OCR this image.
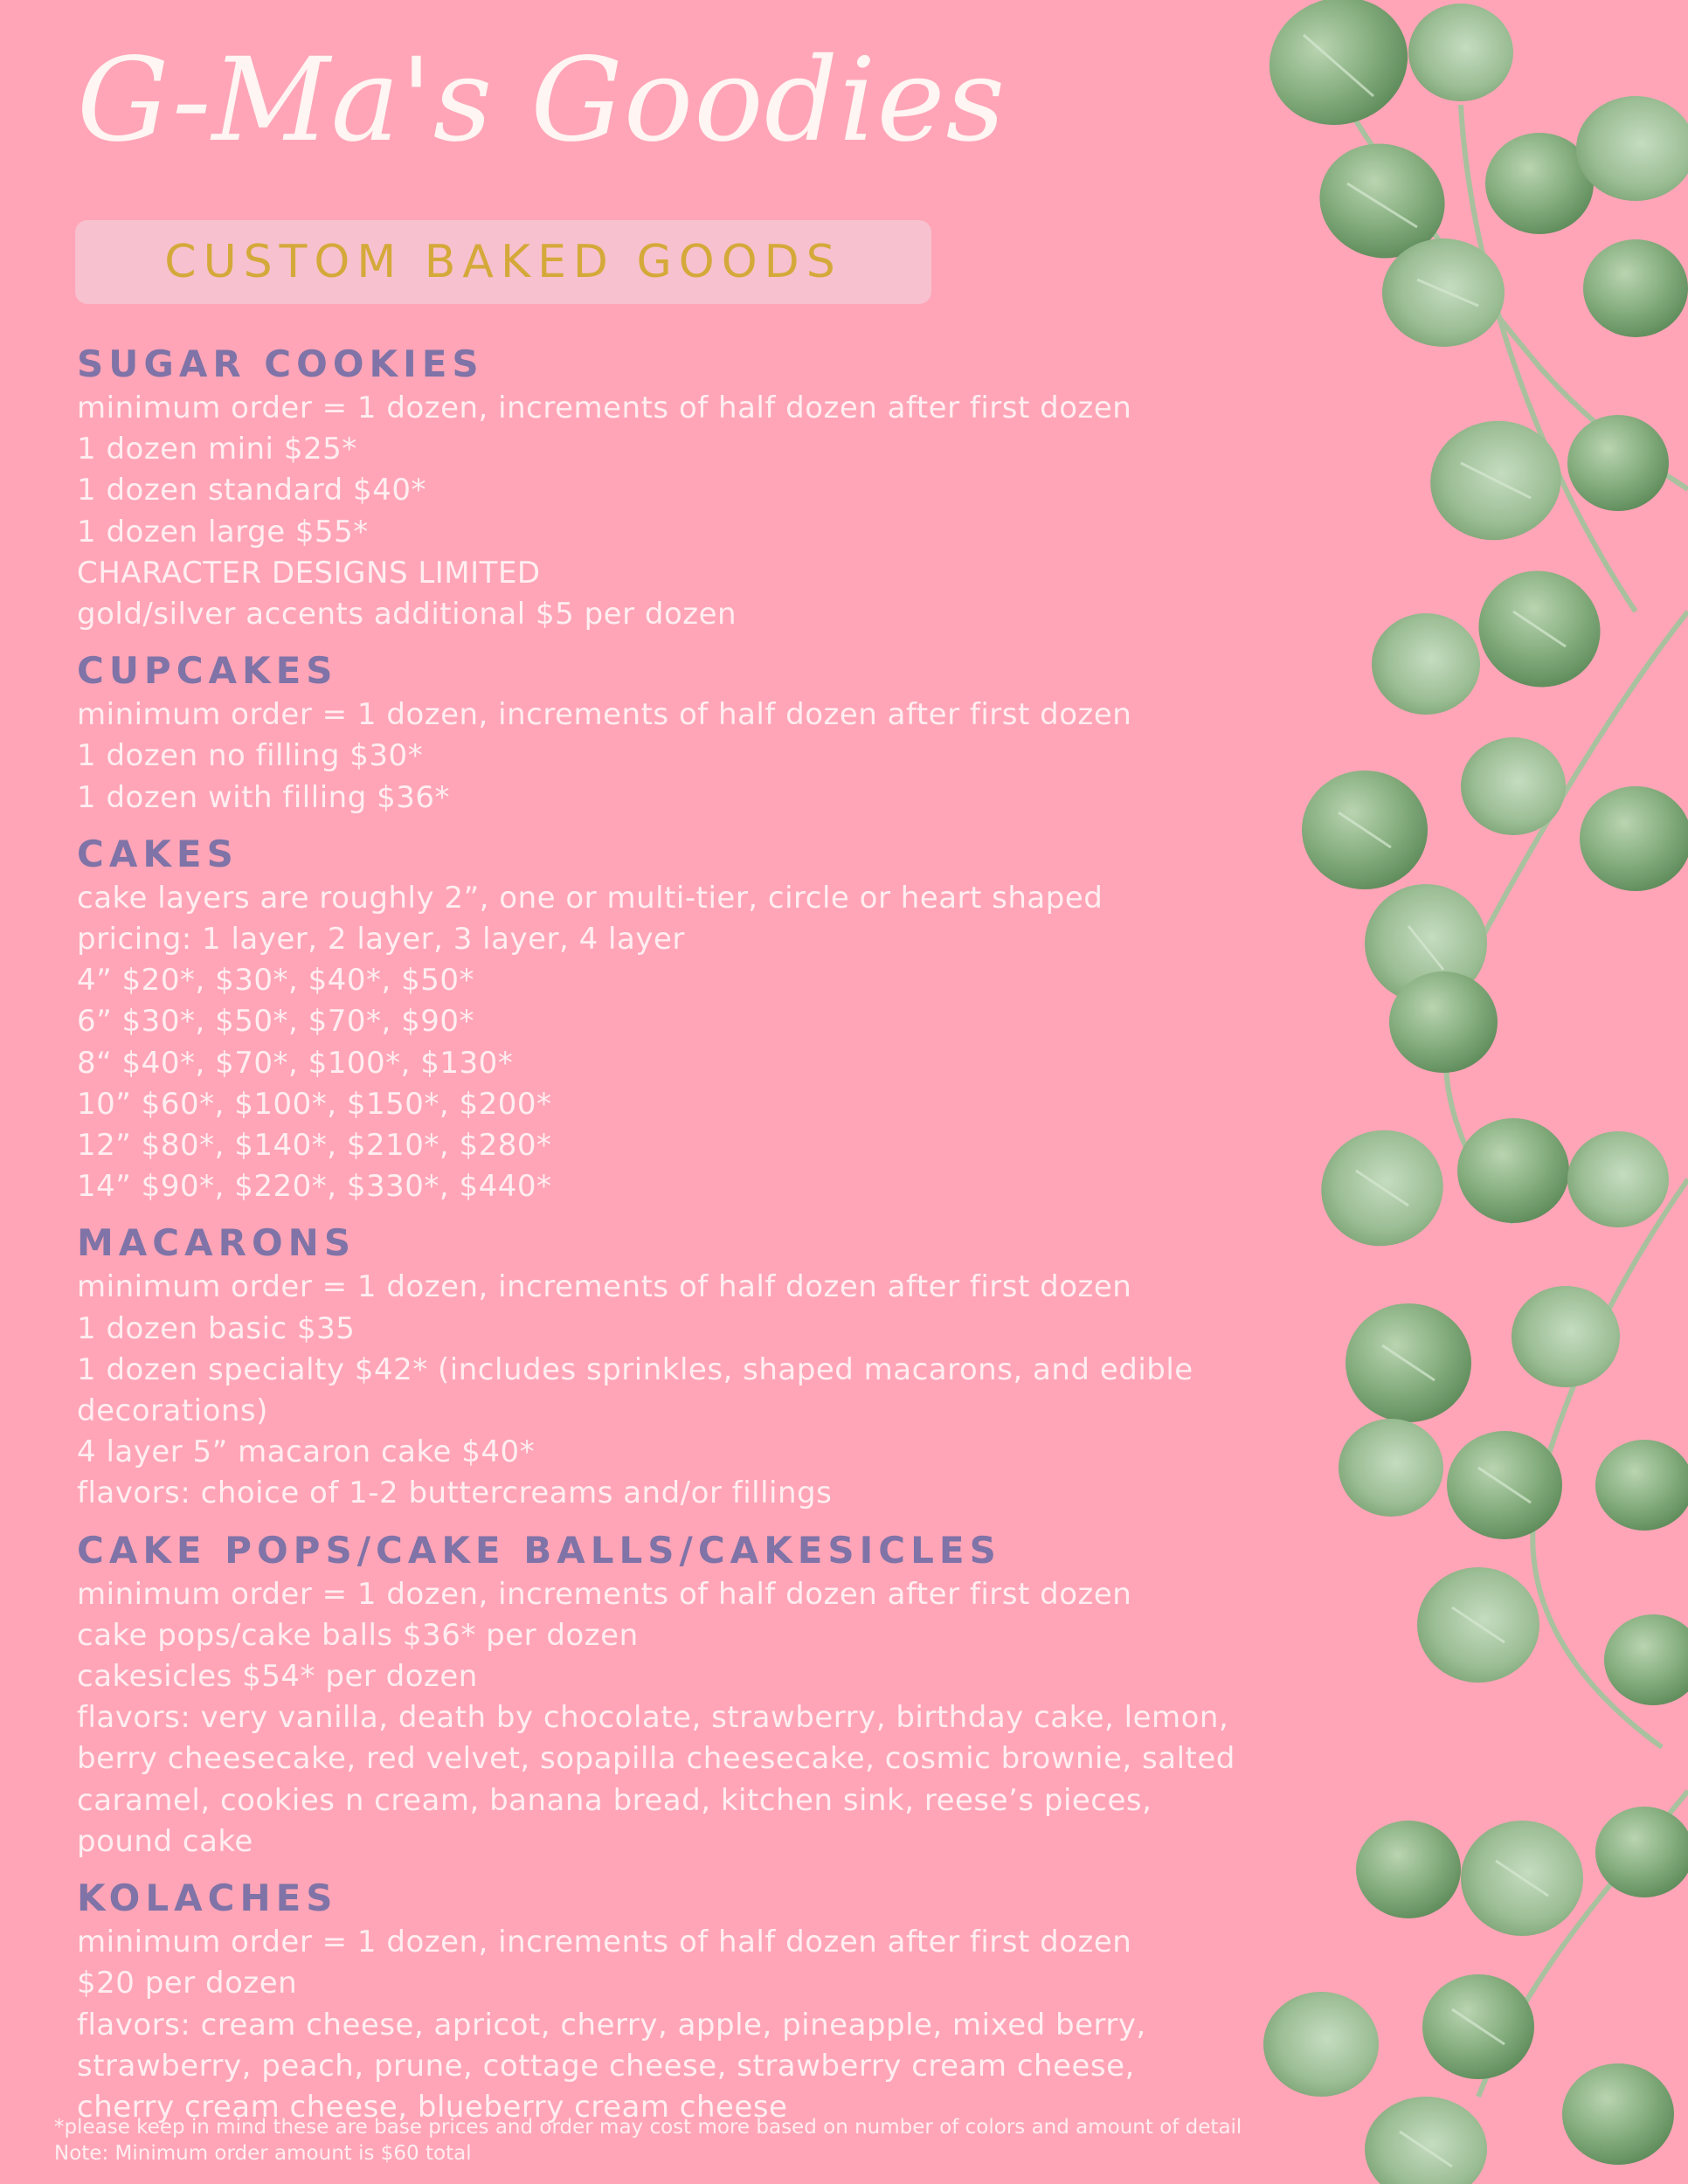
G-Ma's Goodies
CUSTOM BAKED GOODS
SUGAR COOKIES
minimum order = 1 dozen, increments of half dozen after first dozen
1 dozen mini $25*
1 dozen standard $40*
1 dozen large $55*
CHARACTER DESIGNS LIMITED
gold/silver accents additional $5 per dozen
CUPCAKES
minimum order = 1 dozen, increments of half dozen after first dozen
1 dozen no filling $30*
1 dozen with filling $36*
CAKES
cake layers are roughly 2”, one or multi-tier, circle or heart shaped
pricing: 1 layer, 2 layer, 3 layer, 4 layer
4” $20*, $30*, $40*, $50*
6” $30*, $50*, $70*, $90*
8“ $40*, $70*, $100*, $130*
10” $60*, $100*, $150*, $200*
12” $80*, $140*, $210*, $280*
14” $90*, $220*, $330*, $440*
MACARONS
minimum order = 1 dozen, increments of half dozen after first dozen
1 dozen basic $35
1 dozen specialty $42* (includes sprinkles, shaped macarons, and edible
decorations)
4 layer 5” macaron cake $40*
flavors: choice of 1-2 buttercreams and/or fillings
CAKE POPS/CAKE BALLS/CAKESICLES
minimum order = 1 dozen, increments of half dozen after first dozen
cake pops/cake balls $36* per dozen
cakesicles $54* per dozen
flavors: very vanilla, death by chocolate, strawberry, birthday cake, lemon,
berry cheesecake, red velvet, sopapilla cheesecake, cosmic brownie, salted
caramel, cookies n cream, banana bread, kitchen sink, reese’s pieces,
pound cake
KOLACHES
minimum order = 1 dozen, increments of half dozen after first dozen
$20 per dozen
flavors: cream cheese, apricot, cherry, apple, pineapple, mixed berry,
strawberry, peach, prune, cottage cheese, strawberry cream cheese,
cherry cream cheese, blueberry cream cheese
*please keep in mind these are base prices and order may cost more based on number of colors and amount of detail
Note: Minimum order amount is $60 total
